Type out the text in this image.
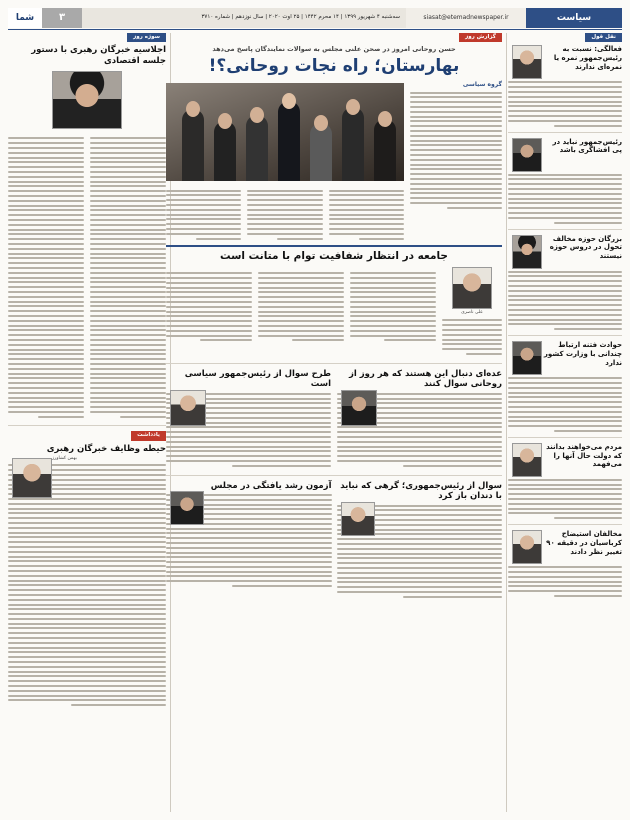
سیاست
siasat@etemadnewspaper.ir
سه‌شنبه ۴ شهریور ۱۳۹۹ | ۱۴ محرم ۱۴۴۲ | ۲۵ اوت ۲۰۲۰ | سال نوزدهم | شماره ۳۷۱۰
۳
شما
نقل قول
فعالگی: نسبت به رئیس‌جمهور نمره یا نمره‌ای ندارند
رئیس‌جمهور نباید در پی افشاگری باشد
بزرگان حوزه مخالف تحول در دروس حوزه نیستند
حوادث فتنه ارتباط چندانی با وزارت کشور ندارد
مردم می‌خواهند بدانند که دولت حال آنها را می‌فهمد
مخالفان استیضاح کرباسیان در دقیقه ۹۰ تغییر نظر دادند
گزارش روز
حسن روحانی امروز در صحن علنی مجلس به سوالات نمایندگان پاسخ می‌دهد
بهارستان؛ راه نجات روحانی؟!
گروه سیاسی
جامعه در انتظار شفافیت توام با متانت است
علی ناصری
عده‌ای دنبال این هستند که هر روز از روحانی سوال کنند
طرح سوال از رئیس‌جمهور سیاسی است
سوال از رئیس‌جمهوری؛ گرهی که نباید با دندان باز کرد
آزمون رشد یافتگی در مجلس
سوژه روز
اجلاسیه خبرگان رهبری با دستور جلسه اقتصادی
یادداشت
حیطه وظایف خبرگان رهبری
بهمن کشاورز
